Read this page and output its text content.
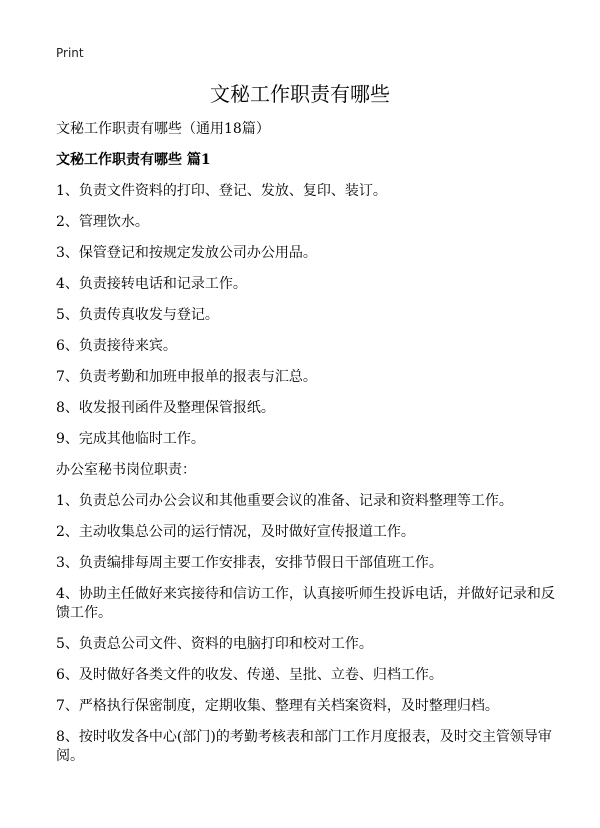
Print
文秘工作职责有哪些

文秘工作职责有哪些（通用18篇）

文秘工作职责有哪些 篇1

1、负责文件资料的打印、登记、发放、复印、装订。

2、管理饮水。

3、保管登记和按规定发放公司办公用品。

4、负责接转电话和记录工作。

5、负责传真收发与登记。

6、负责接待来宾。

7、负责考勤和加班申报单的报表与汇总。

8、收发报刊函件及整理保管报纸。

9、完成其他临时工作。

办公室秘书岗位职责：

1、负责总公司办公会议和其他重要会议的准备、记录和资料整理等工作。

2、主动收集总公司的运行情况，及时做好宣传报道工作。

3、负责编排每周主要工作安排表，安排节假日干部值班工作。

4、协助主任做好来宾接待和信访工作，认真接听师生投诉电话，并做好记录和反馈工作。

5、负责总公司文件、资料的电脑打印和校对工作。

6、及时做好各类文件的收发、传递、呈批、立卷、归档工作。

7、严格执行保密制度，定期收集、整理有关档案资料，及时整理归档。

8、按时收发各中心(部门)的考勤考核表和部门工作月度报表，及时交主管领导审阅。
